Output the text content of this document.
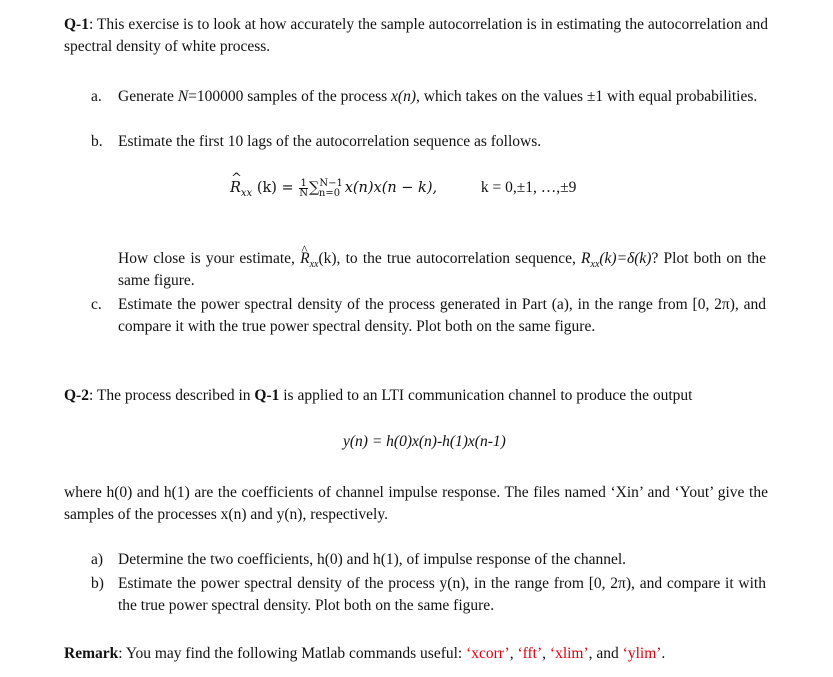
Q-1: This exercise is to look at how accurately the sample autocorrelation is in estimating the autocorrelation and spectral density of white process.
a. Generate N=100000 samples of the process x(n), which takes on the values ±1 with equal probabilities.
b. Estimate the first 10 lags of the autocorrelation sequence as follows.
^ $R_{xx}$ $(k) = \frac{1}{N} \sum^{N-1}_{n=0}$ x(n)x(n − k),	k = 0,±1, …,±9
How close is your estimate, ^ $R_{xx}(k)$, to the true autocorrelation sequence, $R_{xx}(k)=\delta(k)$? Plot both on the same figure.
c. Estimate the power spectral density of the process generated in Part (a), in the range from [0, 2π), and compare it with the true power spectral density. Plot both on the same figure.
Q-2: The process described in Q-1 is applied to an LTI communication channel to produce the output
y(n) = h(0)x(n)-h(1)x(n-1)
where h(0) and h(1) are the coefficients of channel impulse response. The files named ‘Xin’ and ‘Yout’ give the samples of the processes x(n) and y(n), respectively.
a) Determine the two coefficients, h(0) and h(1), of impulse response of the channel.
b) Estimate the power spectral density of the process y(n), in the range from [0, 2π), and compare it with the true power spectral density. Plot both on the same figure.
Remark: You may find the following Matlab commands useful: ‘xcorr’, ‘fft’, ‘xlim’, and ‘ylim’.
